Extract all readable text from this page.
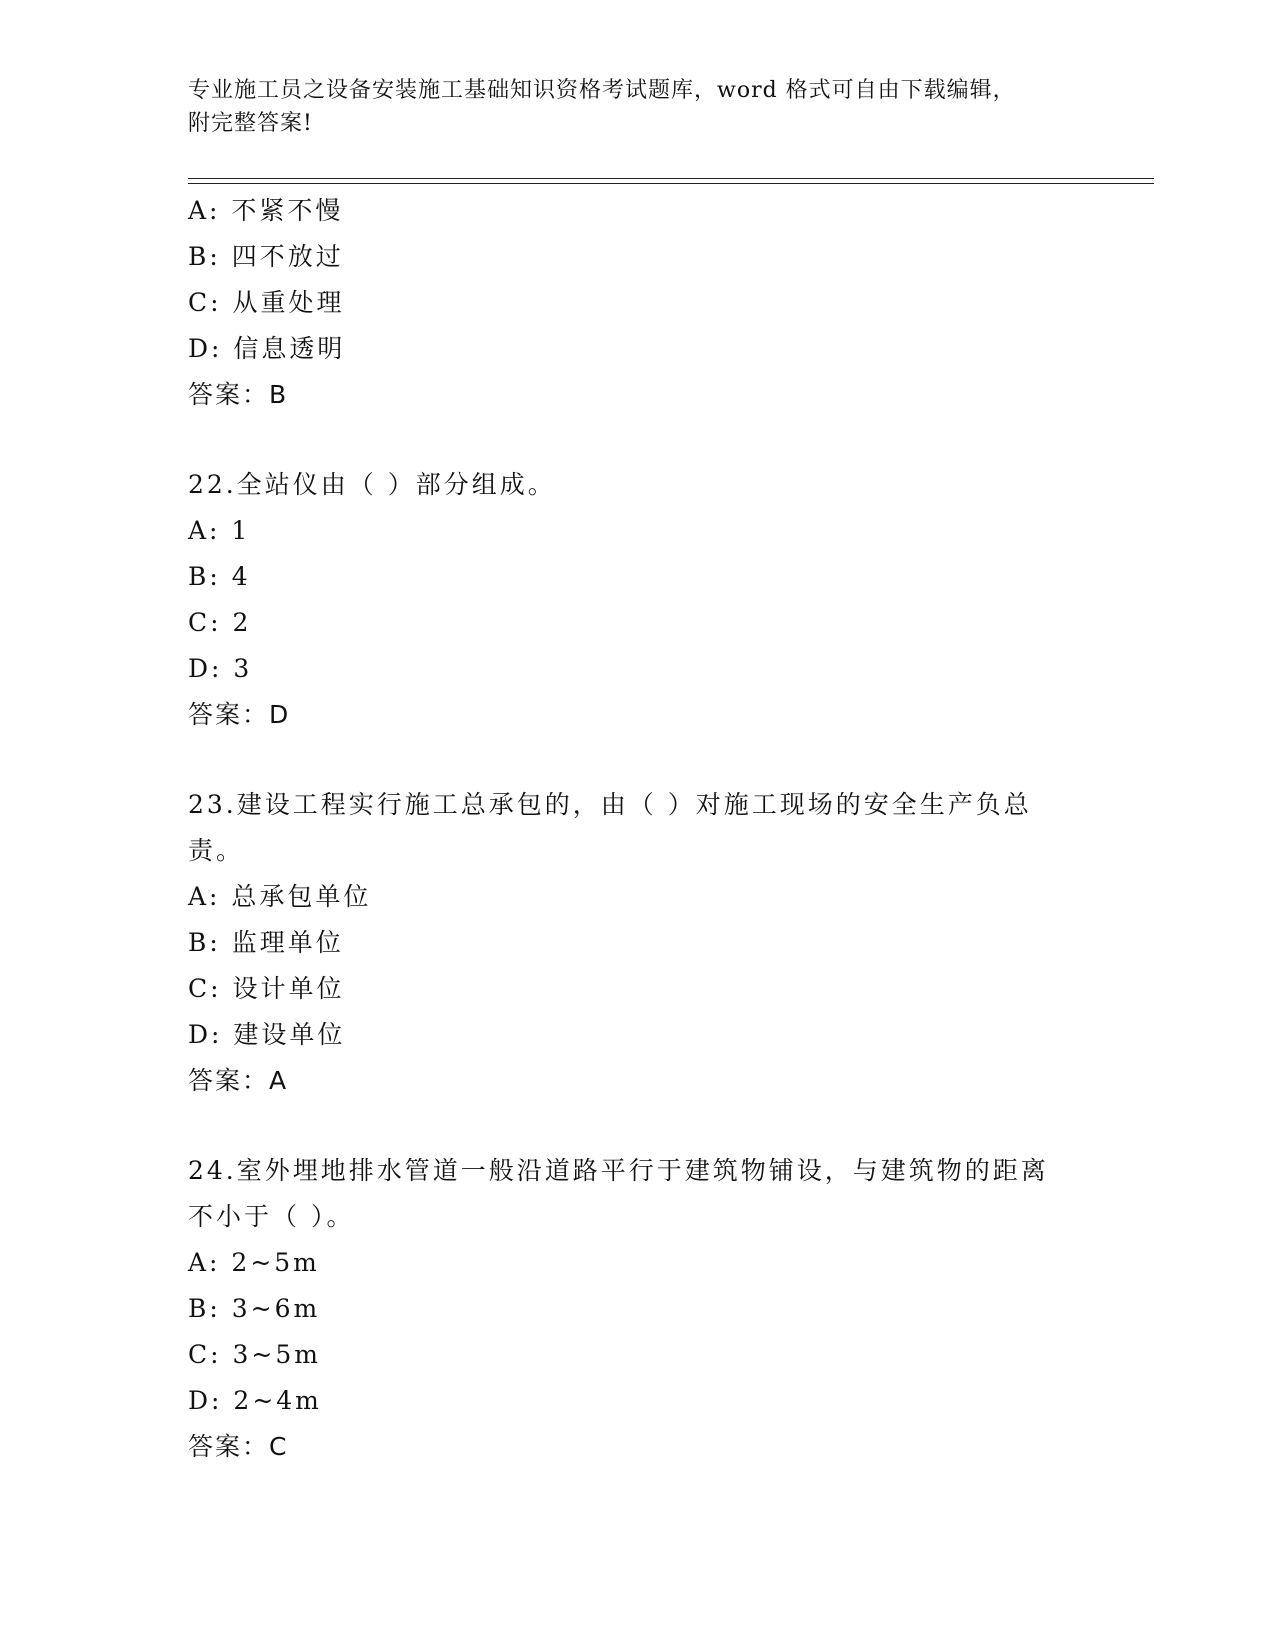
专业施工员之设备安装施工基础知识资格考试题库，word 格式可自由下载编辑，
附完整答案!
A: 不紧不慢
B: 四不放过
C: 从重处理
D: 信息透明
答案：B
22.全站仪由（ ）部分组成。
A: 1
B: 4
C: 2
D: 3
答案：D
23.建设工程实行施工总承包的，由（ ）对施工现场的安全生产负总
责。
A: 总承包单位
B: 监理单位
C: 设计单位
D: 建设单位
答案：A
24.室外埋地排水管道一般沿道路平行于建筑物铺设，与建筑物的距离
不小于（ ）。
A: 2~5m
B: 3~6m
C: 3~5m
D: 2~4m
答案：C
